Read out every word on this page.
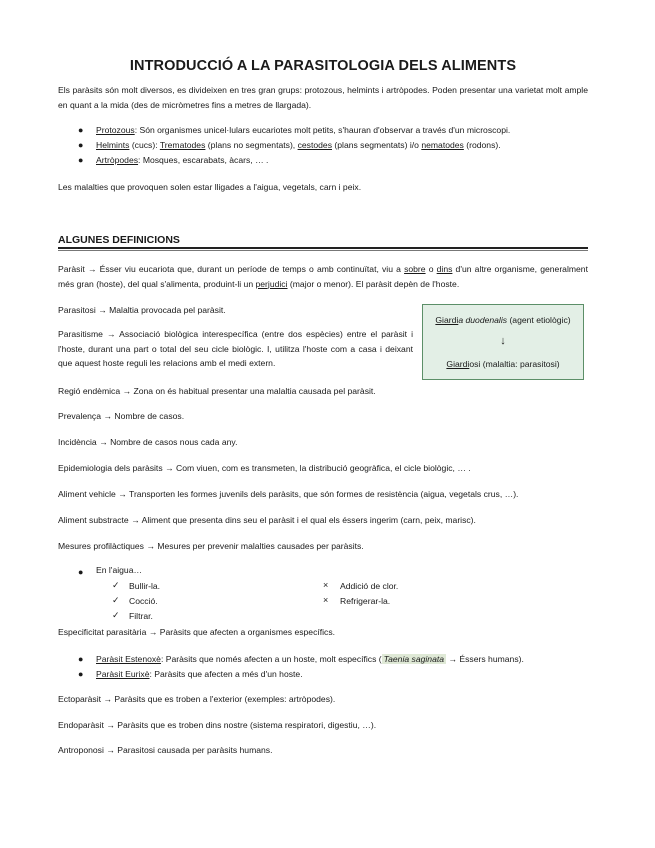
INTRODUCCIÓ A LA PARASITOLOGIA DELS ALIMENTS
Els paràsits són molt diversos, es divideixen en tres gran grups: protozous, helmints i artròpodes. Poden presentar una varietat molt ample en quant a la mida (des de micròmetres fins a metres de llargada).
● Protozous: Són organismes unicel·lulars eucariotes molt petits, s'hauran d'observar a través d'un microscopi.
● Helmints (cucs): Trematodes (plans no segmentats), cestodes (plans segmentats) i/o nematodes (rodons).
● Artròpodes: Mosques, escarabats, àcars, … .
Les malalties que provoquen solen estar lligades a l'aigua, vegetals, carn i peix.
ALGUNES DEFINICIONS
Paràsit → Ésser viu eucariota que, durant un període de temps o amb continuïtat, viu a sobre o dins d'un altre organisme, generalment més gran (hoste), del qual s'alimenta, produint-li un perjudici (major o menor). El paràsit depèn de l'hoste.
Parasitosi → Malaltia provocada pel paràsit.
Parasitisme → Associació biològica interespecífica (entre dos espècies) entre el paràsit i l'hoste, durant una part o total del seu cicle biològic. I, utilitza l'hoste com a casa i deixant que aquest hoste reguli les relacions amb el medi extern.
Giardia duodenalis (agent etiològic)
↓
Giardiosi (malaltia: parasitosi)
Regió endèmica → Zona on és habitual presentar una malaltia causada pel paràsit.
Prevalença → Nombre de casos.
Incidència → Nombre de casos nous cada any.
Epidemiologia dels paràsits → Com viuen, com es transmeten, la distribució geogràfica, el cicle biològic, … .
Aliment vehicle → Transporten les formes juvenils dels paràsits, que són formes de resistència (aigua, vegetals crus, …).
Aliment substracte → Aliment que presenta dins seu el paràsit i el qual els éssers ingerim (carn, peix, marisc).
Mesures profilàctiques → Mesures per prevenir malalties causades per paràsits.
● En l'aigua…
✓ Bullir-la.
✓ Cocció.
✓ Filtrar.
× Addició de clor.
× Refrigerar-la.
Especificitat parasitària → Paràsits que afecten a organismes específics.
● Paràsit Estenoxè: Paràsits que només afecten a un hoste, molt específics ( Taenia saginata → Éssers humans).
● Paràsit Eurixè: Paràsits que afecten a més d'un hoste.
Ectoparàsit → Paràsits que es troben a l'exterior (exemples: artròpodes).
Endoparàsit → Paràsits que es troben dins nostre (sistema respiratori, digestiu, …).
Antroponosi → Parasitosi causada per paràsits humans.
